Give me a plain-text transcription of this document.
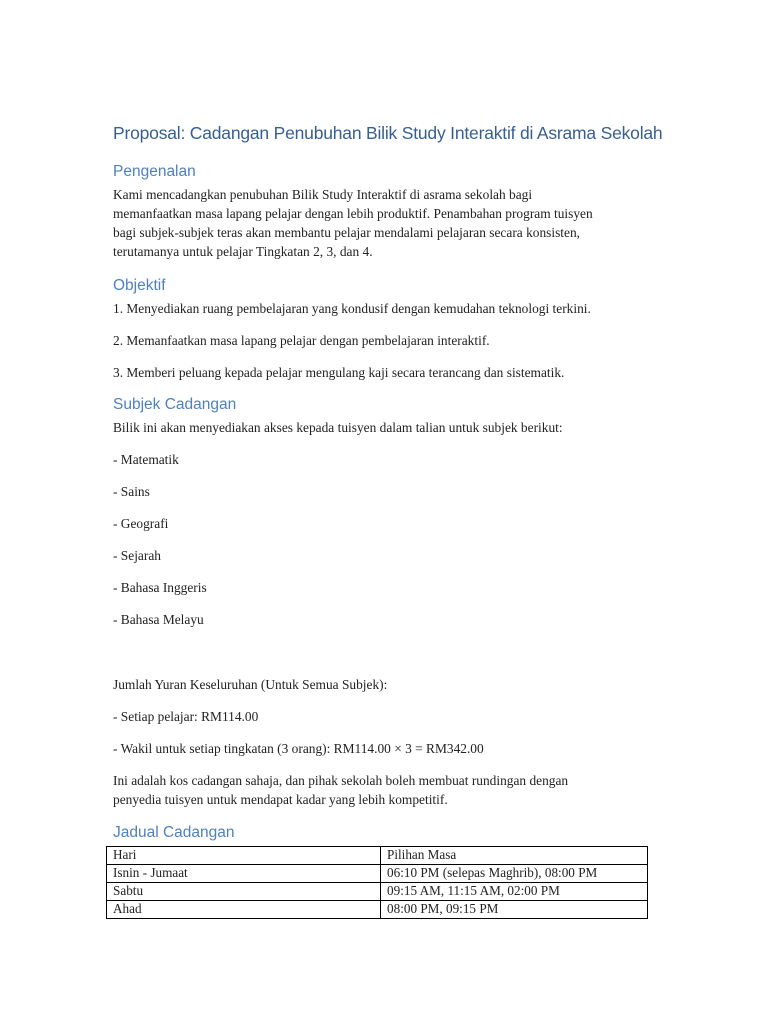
Proposal: Cadangan Penubuhan Bilik Study Interaktif di Asrama Sekolah
Pengenalan
Kami mencadangkan penubuhan Bilik Study Interaktif di asrama sekolah bagi
memanfaatkan masa lapang pelajar dengan lebih produktif. Penambahan program tuisyen
bagi subjek-subjek teras akan membantu pelajar mendalami pelajaran secara konsisten,
terutamanya untuk pelajar Tingkatan 2, 3, dan 4.
Objektif
1. Menyediakan ruang pembelajaran yang kondusif dengan kemudahan teknologi terkini.
2. Memanfaatkan masa lapang pelajar dengan pembelajaran interaktif.
3. Memberi peluang kepada pelajar mengulang kaji secara terancang dan sistematik.
Subjek Cadangan
Bilik ini akan menyediakan akses kepada tuisyen dalam talian untuk subjek berikut:
- Matematik
- Sains
- Geografi
- Sejarah
- Bahasa Inggeris
- Bahasa Melayu
Jumlah Yuran Keseluruhan (Untuk Semua Subjek):
- Setiap pelajar: RM114.00
- Wakil untuk setiap tingkatan (3 orang): RM114.00 × 3 = RM342.00
Ini adalah kos cadangan sahaja, dan pihak sekolah boleh membuat rundingan dengan
penyedia tuisyen untuk mendapat kadar yang lebih kompetitif.
Jadual Cadangan
Hari	Pilihan Masa
Isnin - Jumaat	06:10 PM (selepas Maghrib), 08:00 PM
Sabtu	09:15 AM, 11:15 AM, 02:00 PM
Ahad	08:00 PM, 09:15 PM
